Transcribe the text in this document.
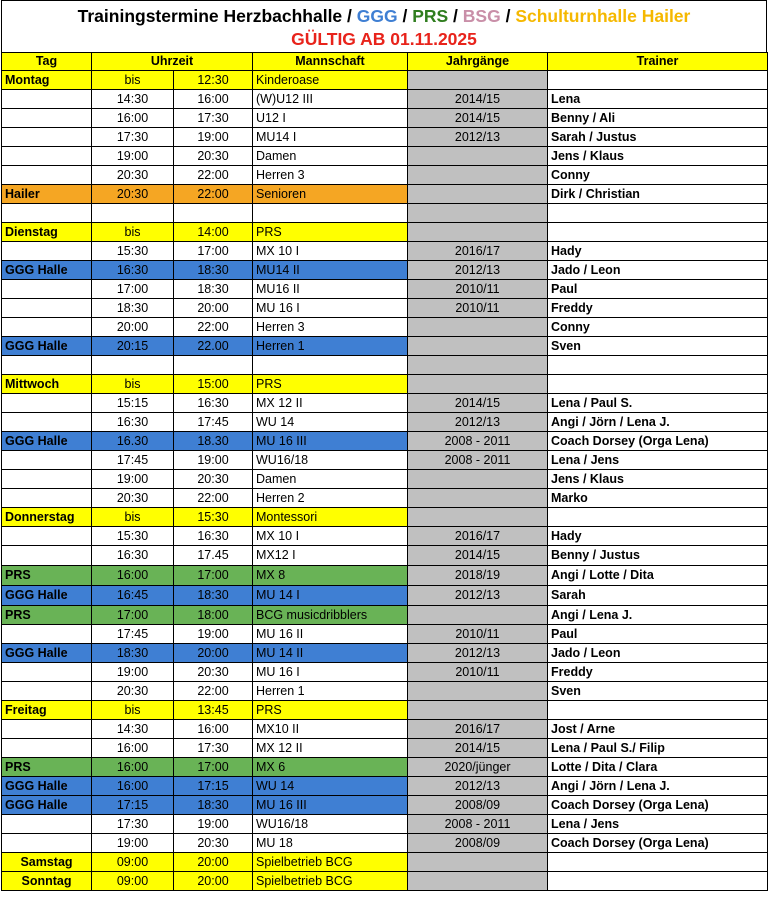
Trainingstermine Herzbachhalle / GGG / PRS / BSG / Schulturnhalle Hailer
GÜLTIG AB 01.11.2025
Tag	Uhrzeit		Mannschaft	Jahrgänge	Trainer
Montag	bis	12:30	Kinderoase		
	14:30	16:00	(W)U12 III	2014/15	Lena
	16:00	17:30	U12 I	2014/15	Benny / Ali
	17:30	19:00	MU14 I	2012/13	Sarah / Justus
	19:00	20:30	Damen		Jens / Klaus
	20:30	22:00	Herren 3		Conny
Hailer	20:30	22:00	Senioren		Dirk / Christian

Dienstag	bis	14:00	PRS		
	15:30	17:00	MX 10 I	2016/17	Hady
GGG Halle	16:30	18:30	MU14 II	2012/13	Jado / Leon
	17:00	18:30	MU16 II	2010/11	Paul
	18:30	20:00	MU 16 I	2010/11	Freddy
	20:00	22:00	Herren 3		Conny
GGG Halle	20:15	22.00	Herren 1		Sven

Mittwoch	bis	15:00	PRS		
	15:15	16:30	MX 12 II	2014/15	Lena / Paul S.
	16:30	17:45	WU 14	2012/13	Angi / Jörn / Lena J.
GGG Halle	16.30	18.30	MU 16 III	2008 - 2011	Coach Dorsey (Orga Lena)
	17:45	19:00	WU16/18	2008 - 2011	Lena / Jens
	19:00	20:30	Damen		Jens / Klaus
	20:30	22:00	Herren 2		Marko
Donnerstag	bis	15:30	Montessori		
	15:30	16:30	MX 10 I	2016/17	Hady
	16:30	17.45	MX12 I	2014/15	Benny / Justus
PRS	16:00	17:00	MX 8	2018/19	Angi / Lotte / Dita
GGG Halle	16:45	18:30	MU 14 I	2012/13	Sarah
PRS	17:00	18:00	BCG musicdribblers		Angi / Lena J.
	17:45	19:00	MU 16 II	2010/11	Paul
GGG Halle	18:30	20:00	MU 14 II	2012/13	Jado / Leon
	19:00	20:30	MU 16 I	2010/11	Freddy
	20:30	22:00	Herren 1		Sven
Freitag	bis	13:45	PRS		
	14:30	16:00	MX10 II	2016/17	Jost / Arne
	16:00	17:30	MX 12 II	2014/15	Lena / Paul S./ Filip
PRS	16:00	17:00	MX 6	2020/jünger	Lotte / Dita / Clara
GGG Halle	16:00	17:15	WU 14	2012/13	Angi / Jörn / Lena J.
GGG Halle	17:15	18:30	MU 16 III	2008/09	Coach Dorsey (Orga Lena)
	17:30	19:00	WU16/18	2008 - 2011	Lena / Jens
	19:00	20:30	MU 18	2008/09	Coach Dorsey (Orga Lena)
Samstag	09:00	20:00	Spielbetrieb BCG		
Sonntag	09:00	20:00	Spielbetrieb BCG		
